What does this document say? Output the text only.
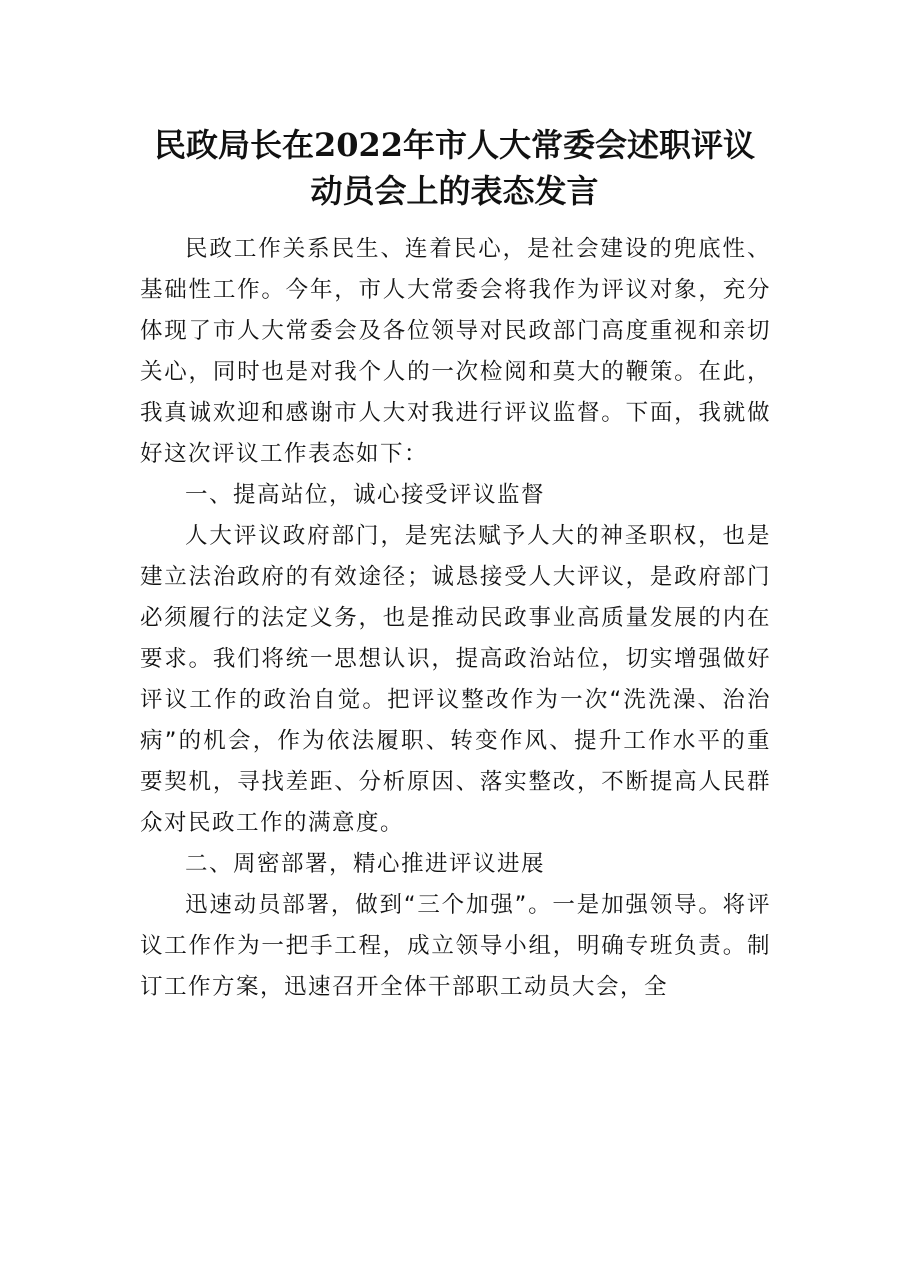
民政局长在2022年市人大常委会述职评议
动员会上的表态发言

民政工作关系民生、连着民心，是社会建设的兜底性、基础性工作。今年，市人大常委会将我作为评议对象，充分体现了市人大常委会及各位领导对民政部门高度重视和亲切关心，同时也是对我个人的一次检阅和莫大的鞭策。在此，我真诚欢迎和感谢市人大对我进行评议监督。下面，我就做好这次评议工作表态如下：

一、提高站位，诚心接受评议监督

人大评议政府部门，是宪法赋予人大的神圣职权，也是建立法治政府的有效途径；诚恳接受人大评议，是政府部门必须履行的法定义务，也是推动民政事业高质量发展的内在要求。我们将统一思想认识，提高政治站位，切实增强做好评议工作的政治自觉。把评议整改作为一次“洗洗澡、治治病”的机会，作为依法履职、转变作风、提升工作水平的重要契机，寻找差距、分析原因、落实整改，不断提高人民群众对民政工作的满意度。

二、周密部署，精心推进评议进展

迅速动员部署，做到“三个加强”。一是加强领导。将评议工作作为一把手工程，成立领导小组，明确专班负责。制订工作方案，迅速召开全体干部职工动员大会，全
